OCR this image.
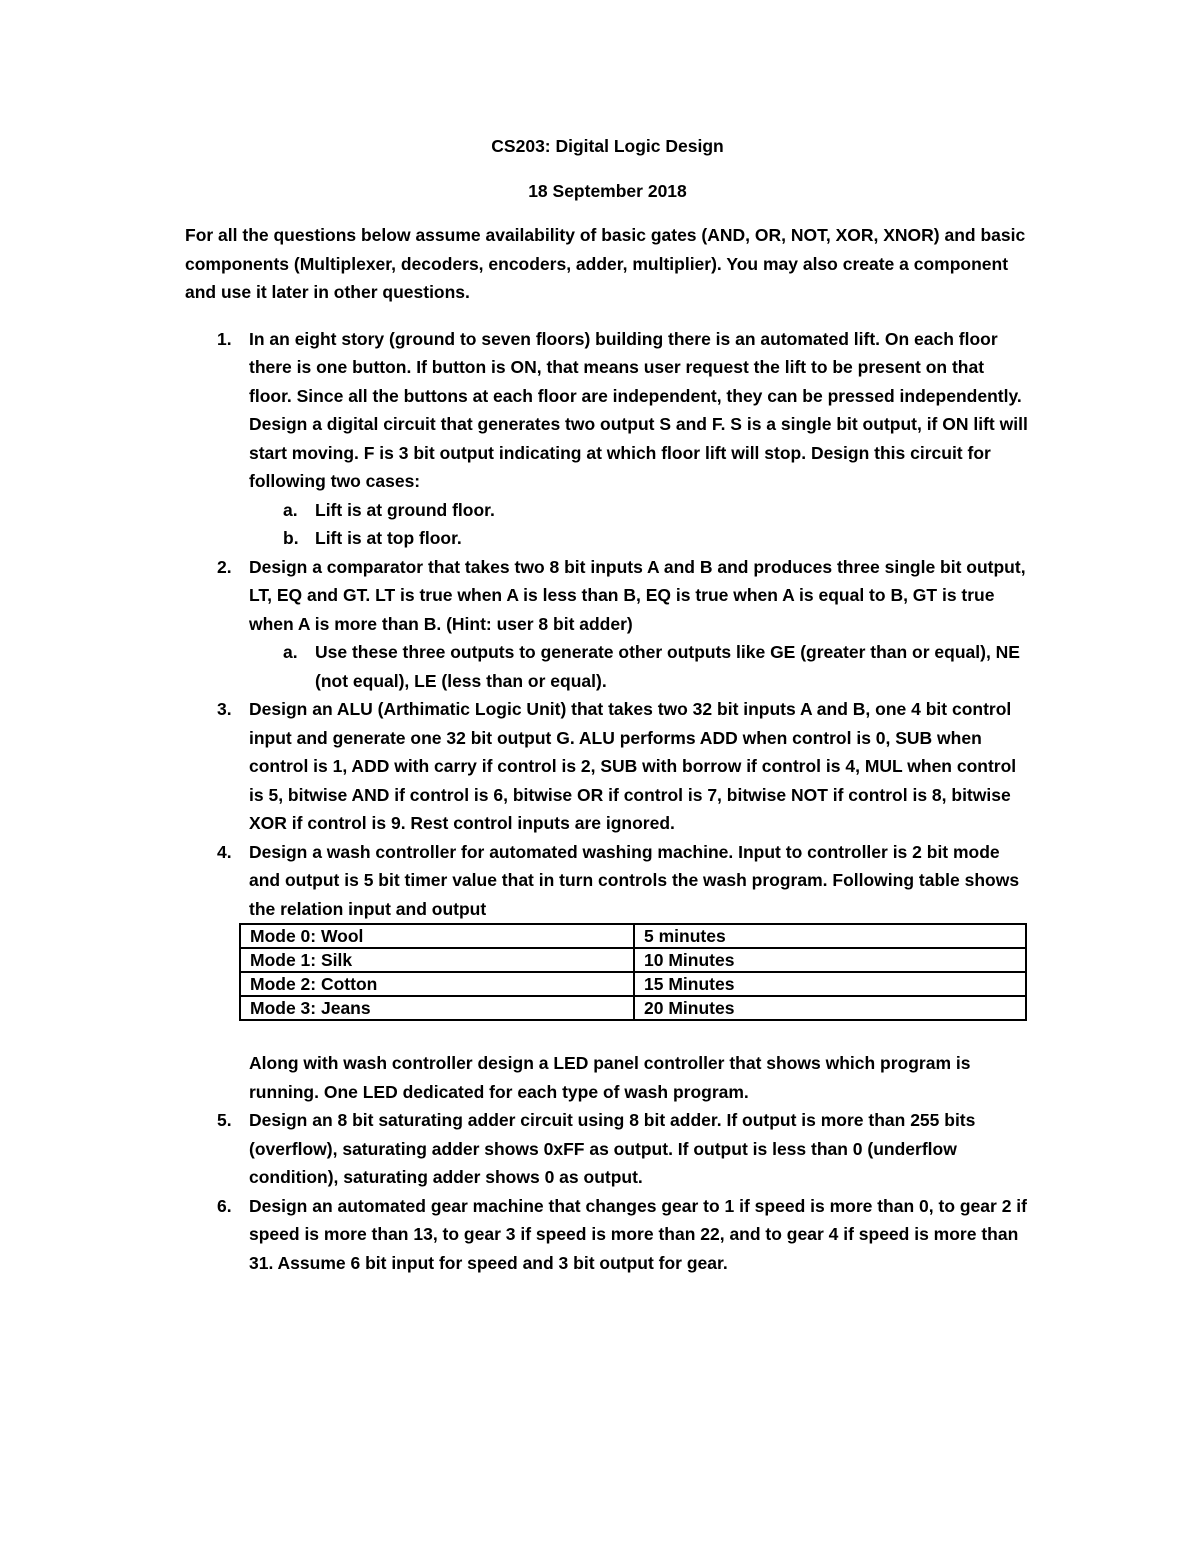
CS203: Digital Logic Design

18 September 2018

For all the questions below assume availability of basic gates (AND, OR, NOT, XOR, XNOR) and basic components (Multiplexer, decoders, encoders, adder, multiplier). You may also create a component and use it later in other questions.

1. In an eight story (ground to seven floors) building there is an automated lift. On each floor there is one button. If button is ON, that means user request the lift to be present on that floor. Since all the buttons at each floor are independent, they can be pressed independently. Design a digital circuit that generates two output S and F. S is a single bit output, if ON lift will start moving. F is 3 bit output indicating at which floor lift will stop. Design this circuit for following two cases:
a. Lift is at ground floor.
b. Lift is at top floor.
2. Design a comparator that takes two 8 bit inputs A and B and produces three single bit output, LT, EQ and GT. LT is true when A is less than B, EQ is true when A is equal to B, GT is true when A is more than B. (Hint: user 8 bit adder)
a. Use these three outputs to generate other outputs like GE (greater than or equal), NE (not equal), LE (less than or equal).
3. Design an ALU (Arthimatic Logic Unit) that takes two 32 bit inputs A and B, one 4 bit control input and generate one 32 bit output G. ALU performs ADD when control is 0, SUB when control is 1, ADD with carry if control is 2, SUB with borrow if control is 4, MUL when control is 5, bitwise AND if control is 6, bitwise OR if control is 7, bitwise NOT if control is 8, bitwise XOR if control is 9. Rest control inputs are ignored.
4. Design a wash controller for automated washing machine. Input to controller is 2 bit mode and output is 5 bit timer value that in turn controls the wash program. Following table shows the relation input and output
Mode 0: Wool	5 minutes
Mode 1: Silk	10 Minutes
Mode 2: Cotton	15 Minutes
Mode 3: Jeans	20 Minutes
Along with wash controller design a LED panel controller that shows which program is running. One LED dedicated for each type of wash program.
5. Design an 8 bit saturating adder circuit using 8 bit adder. If output is more than 255 bits (overflow), saturating adder shows 0xFF as output. If output is less than 0 (underflow condition), saturating adder shows 0 as output.
6. Design an automated gear machine that changes gear to 1 if speed is more than 0, to gear 2 if speed is more than 13, to gear 3 if speed is more than 22, and to gear 4 if speed is more than 31. Assume 6 bit input for speed and 3 bit output for gear.
